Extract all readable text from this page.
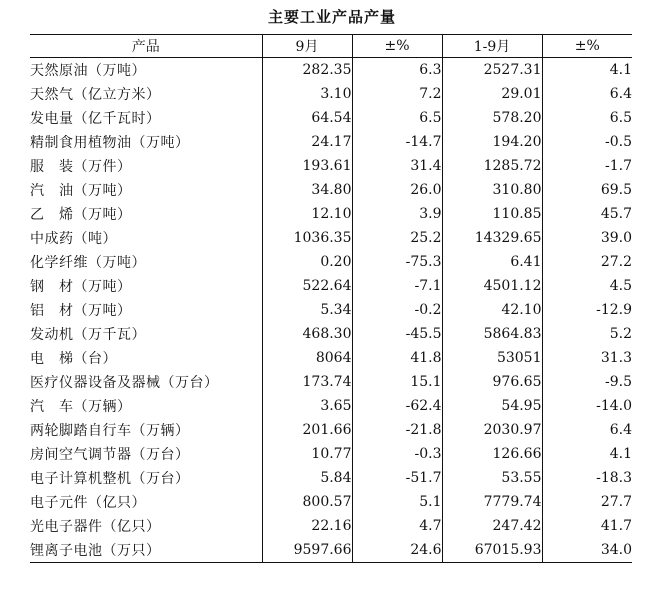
主要工业产品产量
产品	9月	±%	1-9月	±%
天然原油（万吨）	282.35	6.3	2527.31	4.1
天然气（亿立方米）	3.10	7.2	29.01	6.4
发电量（亿千瓦时）	64.54	6.5	578.20	6.5
精制食用植物油（万吨）	24.17	-14.7	194.20	-0.5
服　装（万件）	193.61	31.4	1285.72	-1.7
汽　油（万吨）	34.80	26.0	310.80	69.5
乙　烯（万吨）	12.10	3.9	110.85	45.7
中成药（吨）	1036.35	25.2	14329.65	39.0
化学纤维（万吨）	0.20	-75.3	6.41	27.2
钢　材（万吨）	522.64	-7.1	4501.12	4.5
铝　材（万吨）	5.34	-0.2	42.10	-12.9
发动机（万千瓦）	468.30	-45.5	5864.83	5.2
电　梯（台）	8064	41.8	53051	31.3
医疗仪器设备及器械（万台）	173.74	15.1	976.65	-9.5
汽　车（万辆）	3.65	-62.4	54.95	-14.0
两轮脚踏自行车（万辆）	201.66	-21.8	2030.97	6.4
房间空气调节器（万台）	10.77	-0.3	126.66	4.1
电子计算机整机（万台）	5.84	-51.7	53.55	-18.3
电子元件（亿只）	800.57	5.1	7779.74	27.7
光电子器件（亿只）	22.16	4.7	247.42	41.7
锂离子电池（万只）	9597.66	24.6	67015.93	34.0
